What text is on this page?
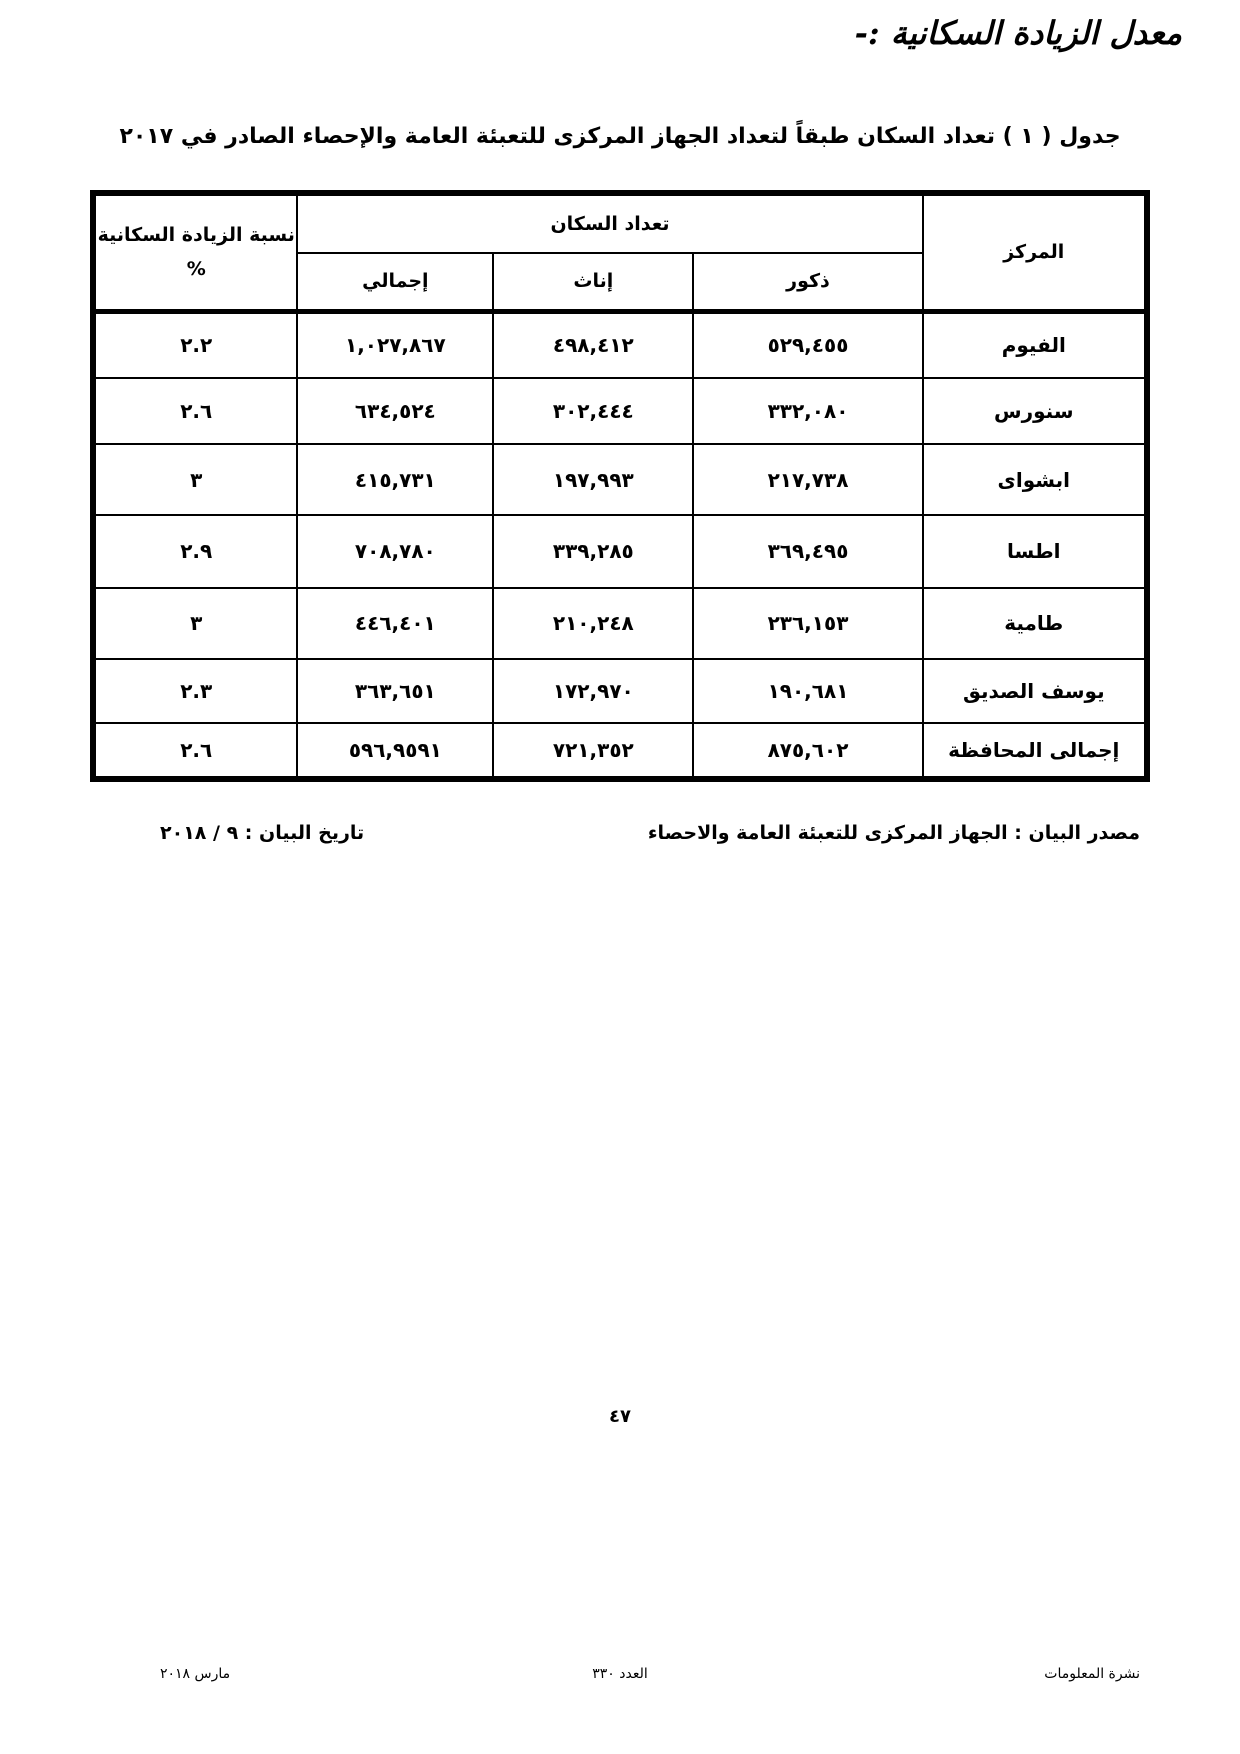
معدل الزيادة السكانية :-
جدول ( ١ ) تعداد السكان طبقاً لتعداد الجهاز المركزى للتعبئة العامة والإحصاء الصادر في ٢٠١٧
المركز	تعداد السكان			نسبة الزيادة السكانية
%

	ذكور	إناث	إجمالي	
الفيوم	٥٢٩,٤٥٥	٤٩٨,٤١٢	١,٠٢٧,٨٦٧	٢.٢
سنورس	٣٣٢,٠٨٠	٣٠٢,٤٤٤	٦٣٤,٥٢٤	٢.٦
ابشواى	٢١٧,٧٣٨	١٩٧,٩٩٣	٤١٥,٧٣١	٣
اطسا	٣٦٩,٤٩٥	٣٣٩,٢٨٥	٧٠٨,٧٨٠	٢.٩
طامية	٢٣٦,١٥٣	٢١٠,٢٤٨	٤٤٦,٤٠١	٣
يوسف الصديق	١٩٠,٦٨١	١٧٢,٩٧٠	٣٦٣,٦٥١	٢.٣
إجمالى المحافظة	٨٧٥,٦٠٢	٧٢١,٣٥٢	٥٩٦,٩٥٩١	٢.٦
مصدر البيان : الجهاز المركزى للتعبئة العامة والاحصاء
تاريخ البيان : ٩ / ٢٠١٨
٤٧
نشرة المعلومات
العدد ٣٣٠
مارس ٢٠١٨
